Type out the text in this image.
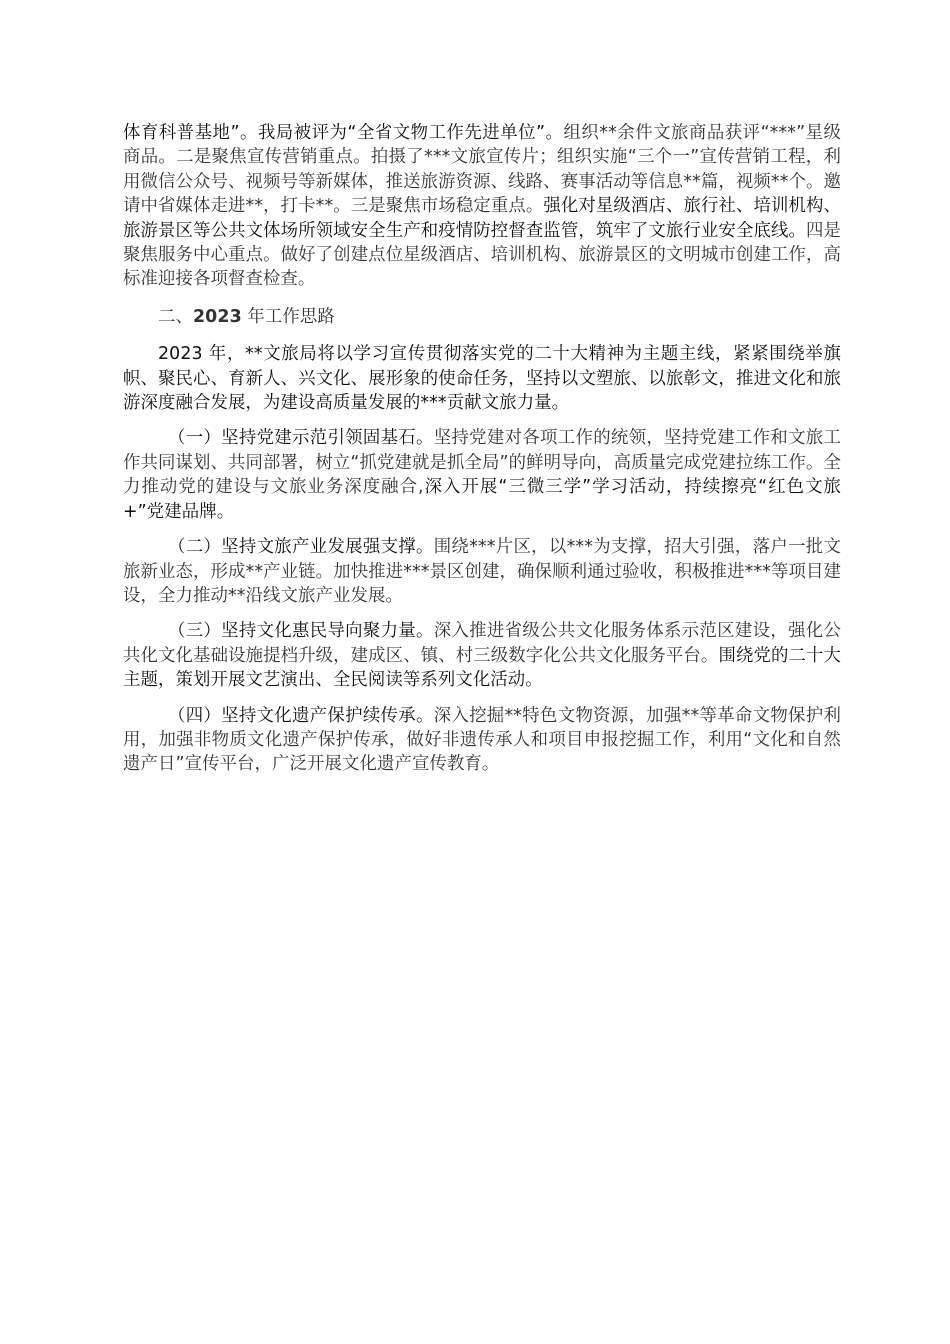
体育科普基地”。我局被评为“全省文物工作先进单位”。组织**余件文旅商品获评“***”星级商品。二是聚焦宣传营销重点。拍摄了***文旅宣传片；组织实施“三个一”宣传营销工程，利用微信公众号、视频号等新媒体，推送旅游资源、线路、赛事活动等信息**篇，视频**个。邀请中省媒体走进**，打卡**。三是聚焦市场稳定重点。强化对星级酒店、旅行社、培训机构、旅游景区等公共文体场所领域安全生产和疫情防控督查监管，筑牢了文旅行业安全底线。四是聚焦服务中心重点。做好了创建点位星级酒店、培训机构、旅游景区的文明城市创建工作，高标准迎接各项督查检查。

二、2023 年工作思路

2023 年，**文旅局将以学习宣传贯彻落实党的二十大精神为主题主线，紧紧围绕举旗帜、聚民心、育新人、兴文化、展形象的使命任务，坚持以文塑旅、以旅彰文，推进文化和旅游深度融合发展，为建设高质量发展的***贡献文旅力量。

（一）坚持党建示范引领固基石。坚持党建对各项工作的统领，坚持党建工作和文旅工作共同谋划、共同部署，树立“抓党建就是抓全局”的鲜明导向，高质量完成党建拉练工作。全力推动党的建设与文旅业务深度融合,深入开展“三微三学”学习活动，持续擦亮“红色文旅+”党建品牌。

（二）坚持文旅产业发展强支撑。围绕***片区，以***为支撑，招大引强，落户一批文旅新业态，形成**产业链。加快推进***景区创建，确保顺利通过验收，积极推进***等项目建设，全力推动**沿线文旅产业发展。

（三）坚持文化惠民导向聚力量。深入推进省级公共文化服务体系示范区建设，强化公共化文化基础设施提档升级，建成区、镇、村三级数字化公共文化服务平台。围绕党的二十大主题，策划开展文艺演出、全民阅读等系列文化活动。

（四）坚持文化遗产保护续传承。深入挖掘**特色文物资源，加强**等革命文物保护利用，加强非物质文化遗产保护传承，做好非遗传承人和项目申报挖掘工作，利用“文化和自然遗产日”宣传平台，广泛开展文化遗产宣传教育。
